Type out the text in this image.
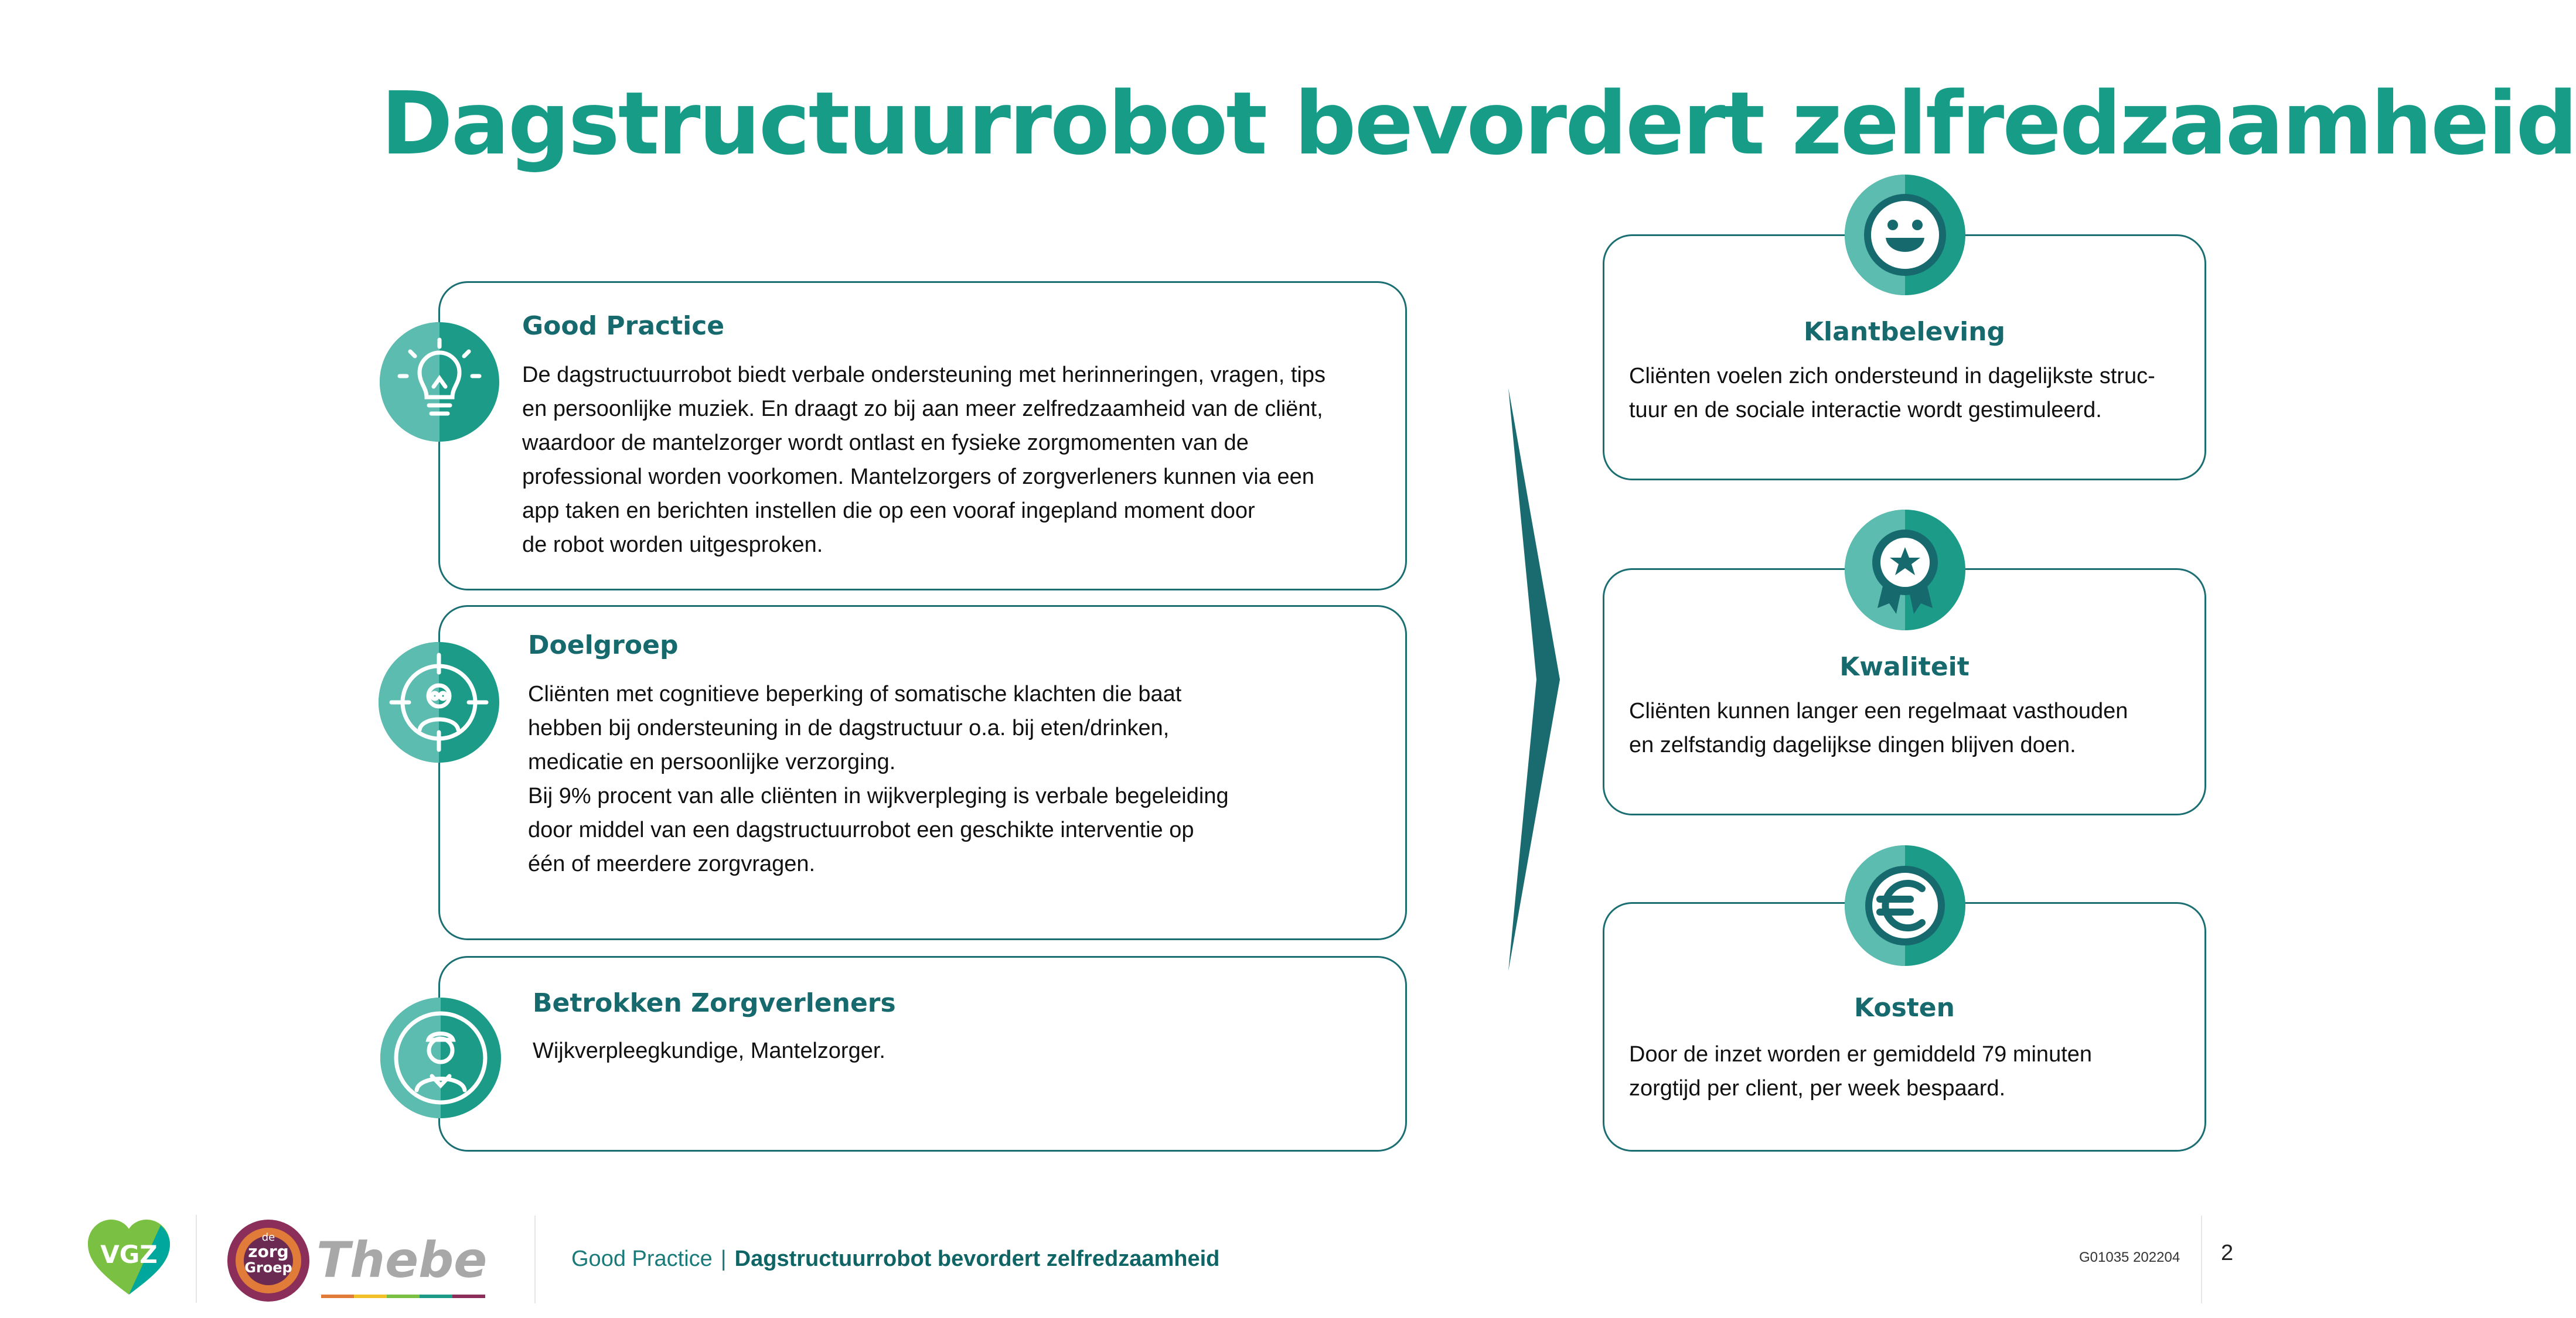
Dagstructuurrobot bevordert zelfredzaamheid
Good Practice

De dagstructuurrobot biedt verbale ondersteuning met herinneringen, vragen, tips
en persoonlijke muziek. En draagt zo bij aan meer zelfredzaamheid van de cliënt,
waardoor de mantelzorger wordt ontlast en fysieke zorgmomenten van de
professional worden voorkomen. Mantelzorgers of zorgverleners kunnen via een
app taken en berichten instellen die op een vooraf ingepland moment door
de robot worden uitgesproken.

Doelgroep

Cliënten met cognitieve beperking of somatische klachten die baat
hebben bij ondersteuning in de dagstructuur o.a. bij eten/drinken,
medicatie en persoonlijke verzorging.
Bij 9% procent van alle cliënten in wijkverpleging is verbale begeleiding
door middel van een dagstructuurrobot een geschikte interventie op
één of meerdere zorgvragen.

Betrokken Zorgverleners

Wijkverpleegkundige, Mantelzorger.

Klantbeleving

Cliënten voelen zich ondersteund in dagelijkste struc-
tuur en de sociale interactie wordt gestimuleerd.

Kwaliteit

Cliënten kunnen langer een regelmaat vasthouden
en zelfstandig dagelijkse dingen blijven doen.

Kosten

Door de inzet worden er gemiddeld 79 minuten
zorgtijd per client, per week bespaard.

VGZ
de
zorg
Groep Thebe	Good Practice | Dagstructuurrobot bevordert zelfredzaamheid	G01035 202204 2
